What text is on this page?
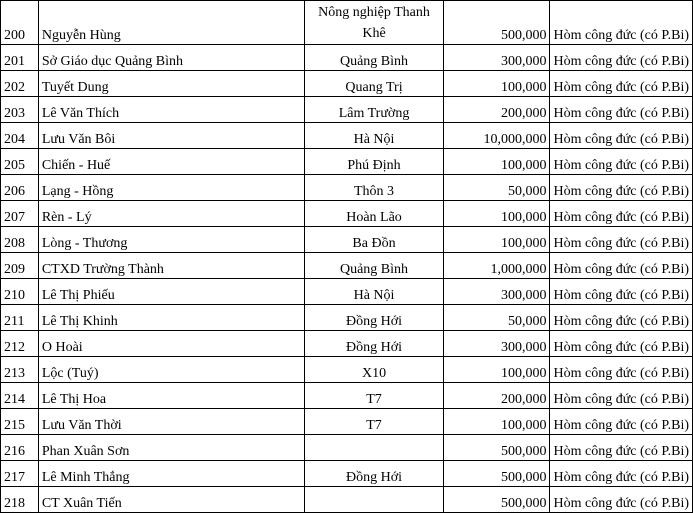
200	Nguyễn Hùng	Nông nghiệp Thanh Khê	500,000	Hòm công đức (có P.Bi)
201	Sở Giáo dục Quảng Bình	Quảng Bình	300,000	Hòm công đức (có P.Bi)
202	Tuyết Dung	Quang Trị	100,000	Hòm công đức (có P.Bi)
203	Lê Văn Thích	Lâm Trường	200,000	Hòm công đức (có P.Bi)
204	Lưu Văn Bôi	Hà Nội	10,000,000	Hòm công đức (có P.Bi)
205	Chiến - Huế	Phú Định	100,000	Hòm công đức (có P.Bi)
206	Lạng - Hồng	Thôn 3	50,000	Hòm công đức (có P.Bi)
207	Rèn - Lý	Hoàn Lão	100,000	Hòm công đức (có P.Bi)
208	Lòng - Thương	Ba Đồn	100,000	Hòm công đức (có P.Bi)
209	CTXD Trường Thành	Quảng Bình	1,000,000	Hòm công đức (có P.Bi)
210	Lê Thị Phiếu	Hà Nội	300,000	Hòm công đức (có P.Bi)
211	Lê Thị Khinh	Đồng Hới	50,000	Hòm công đức (có P.Bi)
212	O Hoài	Đồng Hới	300,000	Hòm công đức (có P.Bi)
213	Lộc (Tuý)	X10	100,000	Hòm công đức (có P.Bi)
214	Lê Thị Hoa	T7	200,000	Hòm công đức (có P.Bi)
215	Lưu Văn Thời	T7	100,000	Hòm công đức (có P.Bi)
216	Phan Xuân Sơn		500,000	Hòm công đức (có P.Bi)
217	Lê Minh Thắng	Đồng Hới	500,000	Hòm công đức (có P.Bi)
218	CT Xuân Tiến		500,000	Hòm công đức (có P.Bi)
